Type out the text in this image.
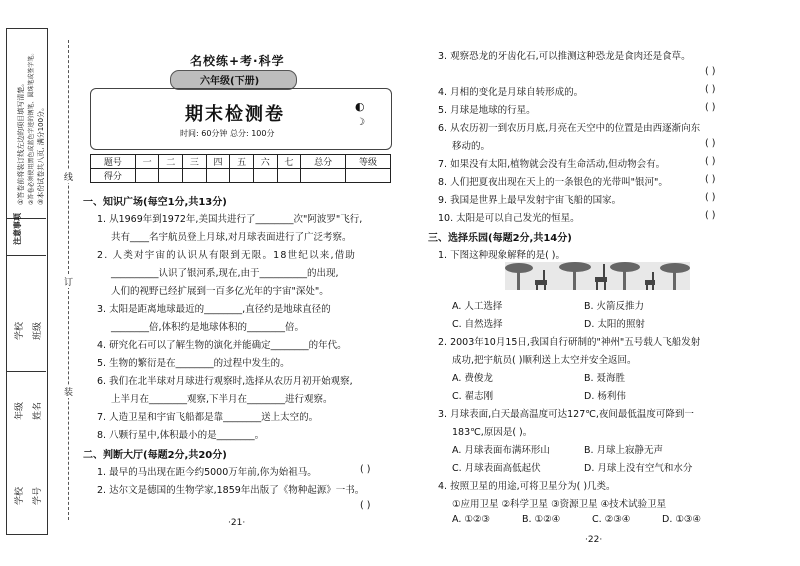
注意事项
①答卷前将装订线左边的项目填写清楚。 ②答卷必须使用黑色或蓝色字迹的钢笔、圆珠笔或签字笔。 ③本份试卷共八页, 满分100分。
学校 班级
年级 姓名
学校 学号
线
订
装
名校练+考·科学
六年级(下册)
期末检测卷
时间: 60分钟 总分: 100分
◐
☽
题号	一	二	三	四	五	六	七	总分	等级
得分									
一、知识广场(每空1分,共13分)
1. 从1969年到1972年,美国共进行了________次"阿波罗"飞行,
共有____名宇航员登上月球,对月球表面进行了广泛考察。
2. 人类对宇宙的认识从有限到无限。18世纪以来,借助
__________认识了银河系,现在,由于__________的出现,
人们的视野已经扩展到一百多亿光年的宇宙"深处"。
3. 太阳是距离地球最近的________,直径约是地球直径的
________倍,体积约是地球体积的________倍。
4. 研究化石可以了解生物的演化并能确定________的年代。
5. 生物的繁衍是在________的过程中发生的。
6. 我们在北半球对月球进行观察时,选择从农历月初开始观察,
上半月在________观察,下半月在________进行观察。
7. 人造卫星和宇宙飞船都是靠________送上太空的。
8. 八颗行星中,体积最小的是________。
二、判断大厅(每题2分,共20分)
1. 最早的马出现在距今约5000万年前,你为始祖马。	( )
2. 达尔文是德国的生物学家,1859年出版了《物种起源》一书。
( )
·21·
3. 观察恐龙的牙齿化石,可以推测这种恐龙是食肉还是食草。
( )
4. 月相的变化是月球自转形成的。	( )
5. 月球是地球的行星。	( )
6. 从农历初一到农历月底,月亮在天空中的位置是由西逐渐向东
移动的。	( )
7. 如果没有太阳,植物就会没有生命活动,但动物会有。	( )
8. 人们把夏夜出现在天上的一条银色的光带叫"银河"。	( )
9. 我国是世界上最早发射宇宙飞船的国家。	( )
10. 太阳是可以自己发光的恒星。	( )
三、选择乐园(每题2分,共14分)
1. 下图这种现象解释的是( )。
A. 人工选择	B. 火箭反推力
C. 自然选择	D. 太阳的照射
2. 2003年10月15日,我国自行研制的"神州"五号载人飞船发射
成功,把宇航员( )顺利送上太空并安全返回。
A. 费俊龙	B. 聂海胜
C. 翟志刚	D. 杨利伟
3. 月球表面,白天最高温度可达127℃,夜间最低温度可降到一
183℃,原因是( )。
A. 月球表面布满环形山	B. 月球上寂静无声
C. 月球表面高低起伏	D. 月球上没有空气和水分
4. 按照卫星的用途,可将卫星分为( )几类。
①应用卫星 ②科学卫星 ③资源卫星 ④技术试验卫星
A. ①②③	B. ①②④	C. ②③④	D. ①③④
·22·
